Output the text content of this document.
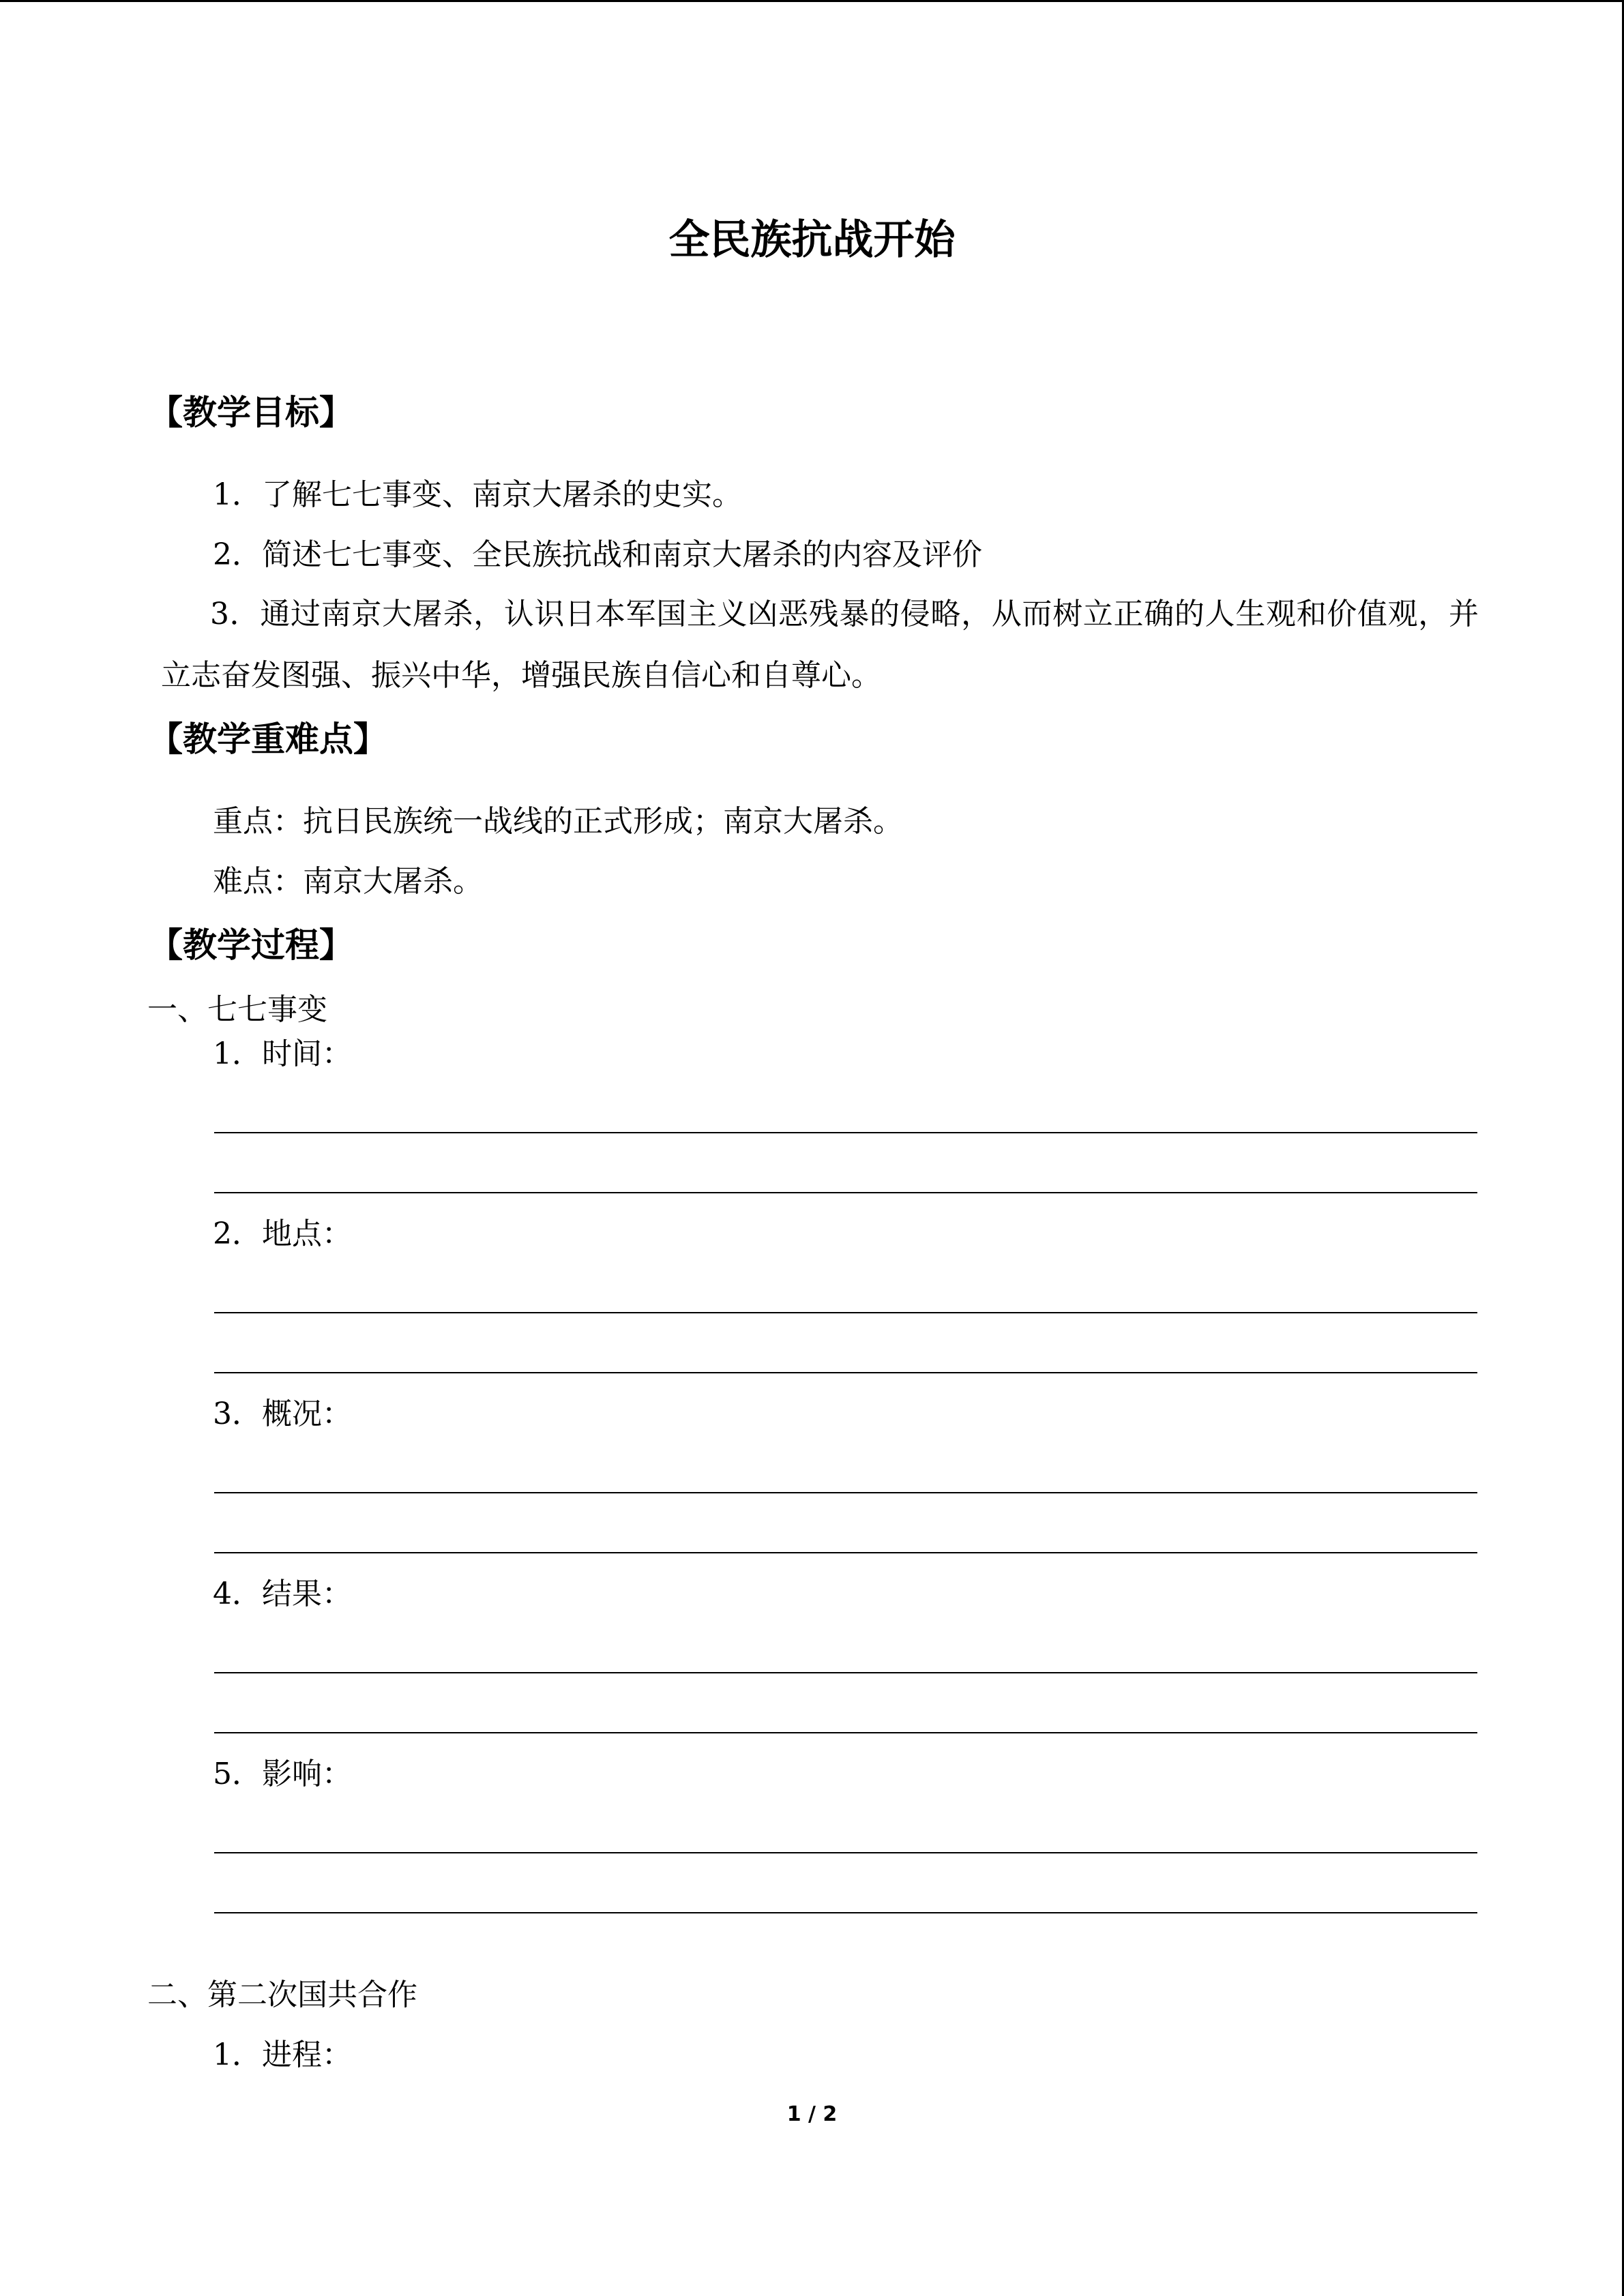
全民族抗战开始
【教学目标】
1．了解七七事变、南京大屠杀的史实。
2．简述七七事变、全民族抗战和南京大屠杀的内容及评价
3．通过南京大屠杀，认识日本军国主义凶恶残暴的侵略，从而树立正确的人生观和价值观，并立志奋发图强、振兴中华，增强民族自信心和自尊心。
【教学重难点】
重点：抗日民族统一战线的正式形成；南京大屠杀。
难点：南京大屠杀。
【教学过程】
一、七七事变
1．时间：
2．地点：
3．概况：
4．结果：
5．影响：
二、第二次国共合作
1．进程：
1 / 2
